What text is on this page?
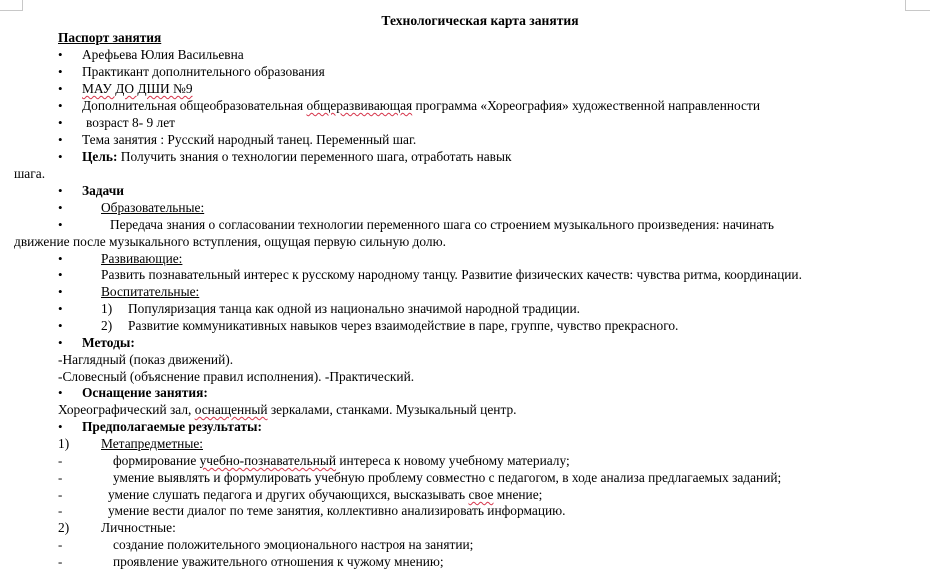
Технологическая карта занятия
Паспорт занятия
• Арефьева Юлия Васильевна
• Практикант дополнительного образования
• МАУ ДО ДШИ №9
• Дополнительная общеобразовательная общеразвивающая программа «Хореография» художественной направленности
• возраст 8- 9 лет
• Тема занятия : Русский народный танец. Переменный шаг.
• Цель: Получить знания о технологии переменного шага, отработать навык
шага.
• Задачи
•	Образовательные:
•	Передача знания о согласовании технологии переменного шага со строением музыкального произведения: начинать
движение после музыкального вступления, ощущая первую сильную долю.
•	Развивающие:
•	Развить познавательный интерес к русскому народному танцу. Развитие физических качеств: чувства ритма, координации.
•	Воспитательные:
•	1) Популяризация танца как одной из национально значимой народной традиции.
•	2) Развитие коммуникативных навыков через взаимодействие в паре, группе, чувство прекрасного.
• Методы:
-Наглядный (показ движений).
-Словесный (объяснение правил исполнения). -Практический.
• Оснащение занятия:
Хореографический зал, оснащенный зеркалами, станками. Музыкальный центр.
• Предполагаемые результаты:
1) Метапредметные:
-	формирование учебно-познавательный интереса к новому учебному материалу;
-	умение выявлять и формулировать учебную проблему совместно с педагогом, в ходе анализа предлагаемых заданий;
-	умение слушать педагога и других обучающихся, высказывать свое мнение;
-	умение вести диалог по теме занятия, коллективно анализировать информацию.
2) Личностные:
-	создание положительного эмоционального настроя на занятии;
-	проявление уважительного отношения к чужому мнению;
